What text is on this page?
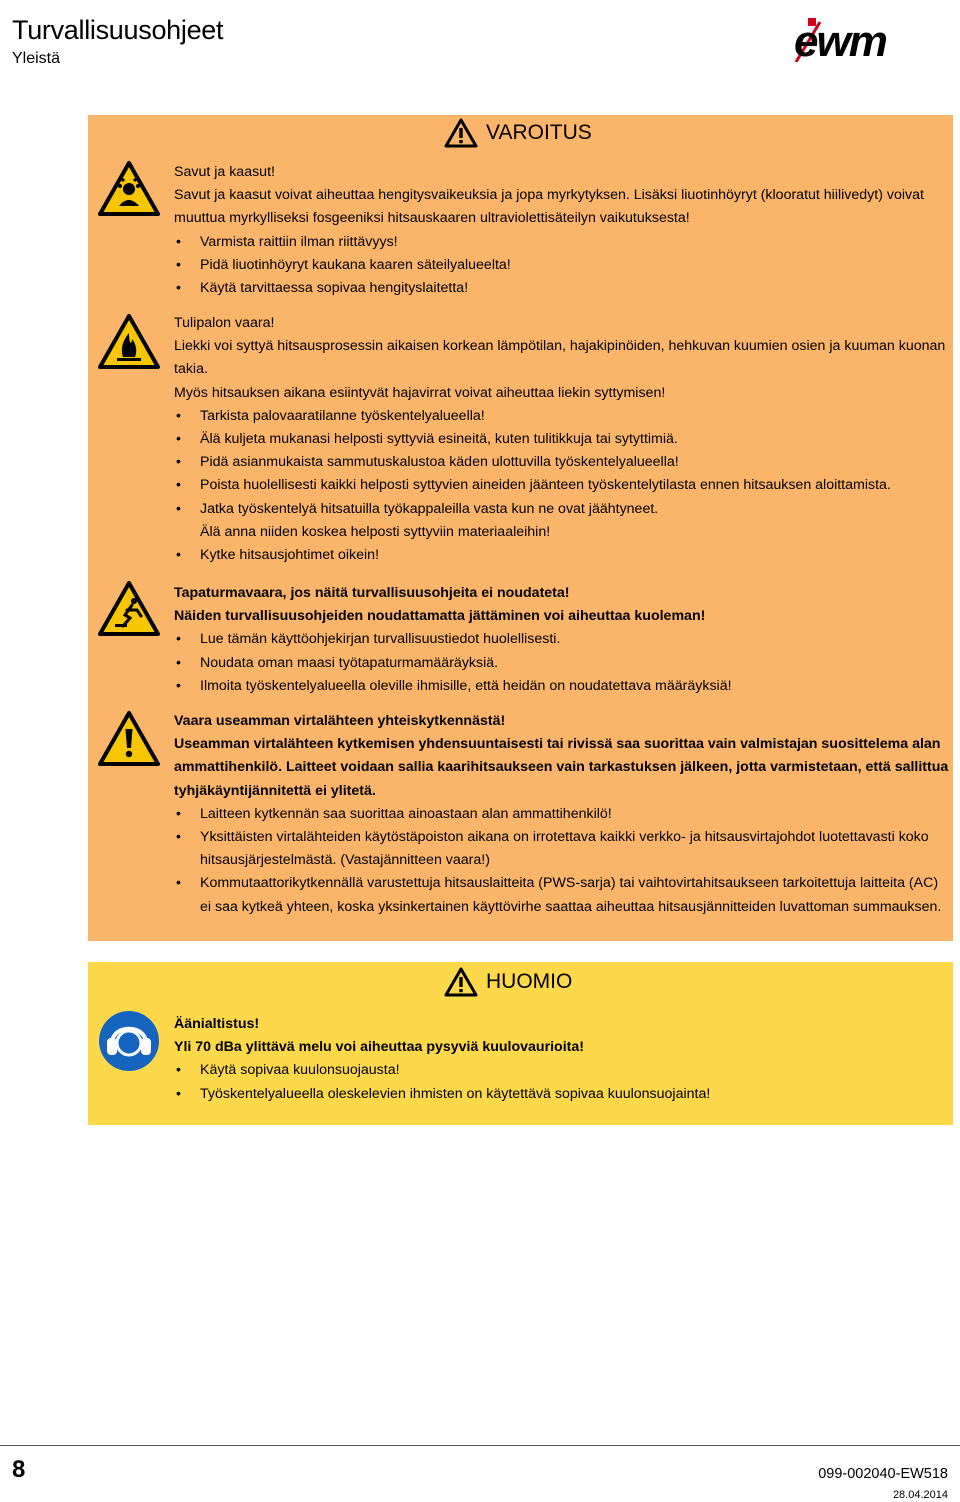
Turvallisuusohjeet
Yleistä	ewm
VAROITUS

Savut ja kaasut!

Savut ja kaasut voivat aiheuttaa hengitysvaikeuksia ja jopa myrkytyksen. Lisäksi liuotinhöyryt (klooratut hiilivedyt) voivat muuttua myrkylliseksi fosgeeniksi hitsauskaaren ultraviolettisäteilyn vaikutuksesta!

• Varmista raittiin ilman riittävyys!

• Pidä liuotinhöyryt kaukana kaaren säteilyalueelta!

• Käytä tarvittaessa sopivaa hengityslaitetta!

Tulipalon vaara!

Liekki voi syttyä hitsausprosessin aikaisen korkean lämpötilan, hajakipinöiden, hehkuvan kuumien osien ja kuuman kuonan takia.

Myös hitsauksen aikana esiintyvät hajavirrat voivat aiheuttaa liekin syttymisen!

• Tarkista palovaaratilanne työskentelyalueella!

• Älä kuljeta mukanasi helposti syttyviä esineitä, kuten tulitikkuja tai sytyttimiä.

• Pidä asianmukaista sammutuskalustoa käden ulottuvilla työskentelyalueella!

• Poista huolellisesti kaikki helposti syttyvien aineiden jäänteen työskentelytilasta ennen hitsauksen aloittamista.

• Jatka työskentelyä hitsatuilla työkappaleilla vasta kun ne ovat jäähtyneet.
Älä anna niiden koskea helposti syttyviin materiaaleihin!

• Kytke hitsausjohtimet oikein!

Tapaturmavaara, jos näitä turvallisuusohjeita ei noudateta!

Näiden turvallisuusohjeiden noudattamatta jättäminen voi aiheuttaa kuoleman!

• Lue tämän käyttöohjekirjan turvallisuustiedot huolellisesti.

• Noudata oman maasi työtapaturmamääräyksiä.

• Ilmoita työskentelyalueella oleville ihmisille, että heidän on noudatettava määräyksiä!

Vaara useamman virtalähteen yhteiskytkennästä!

Useamman virtalähteen kytkemisen yhdensuuntaisesti tai rivissä saa suorittaa vain valmistajan suosittelema alan ammattihenkilö. Laitteet voidaan sallia kaarihitsaukseen vain tarkastuksen jälkeen, jotta varmistetaan, että sallittua tyhjäkäyntijännitettä ei ylitetä.

• Laitteen kytkennän saa suorittaa ainoastaan alan ammattihenkilö!

• Yksittäisten virtalähteiden käytöstäpoiston aikana on irrotettava kaikki verkko- ja hitsausvirtajohdot luotettavasti koko hitsausjärjestelmästä. (Vastajännitteen vaara!)

• Kommutaattorikytkennällä varustettuja hitsauslaitteita (PWS-sarja) tai vaihtovirtahitsaukseen tarkoitettuja laitteita (AC) ei saa kytkeä yhteen, koska yksinkertainen käyttövirhe saattaa aiheuttaa hitsausjännitteiden luvattoman summauksen.

HUOMIO

Äänialtistus!

Yli 70 dBa ylittävä melu voi aiheuttaa pysyviä kuulovaurioita!

• Käytä sopivaa kuulonsuojausta!

• Työskentelyalueella oleskelevien ihmisten on käytettävä sopivaa kuulonsuojainta!

8	099-002040-EW518
28.04.2014
